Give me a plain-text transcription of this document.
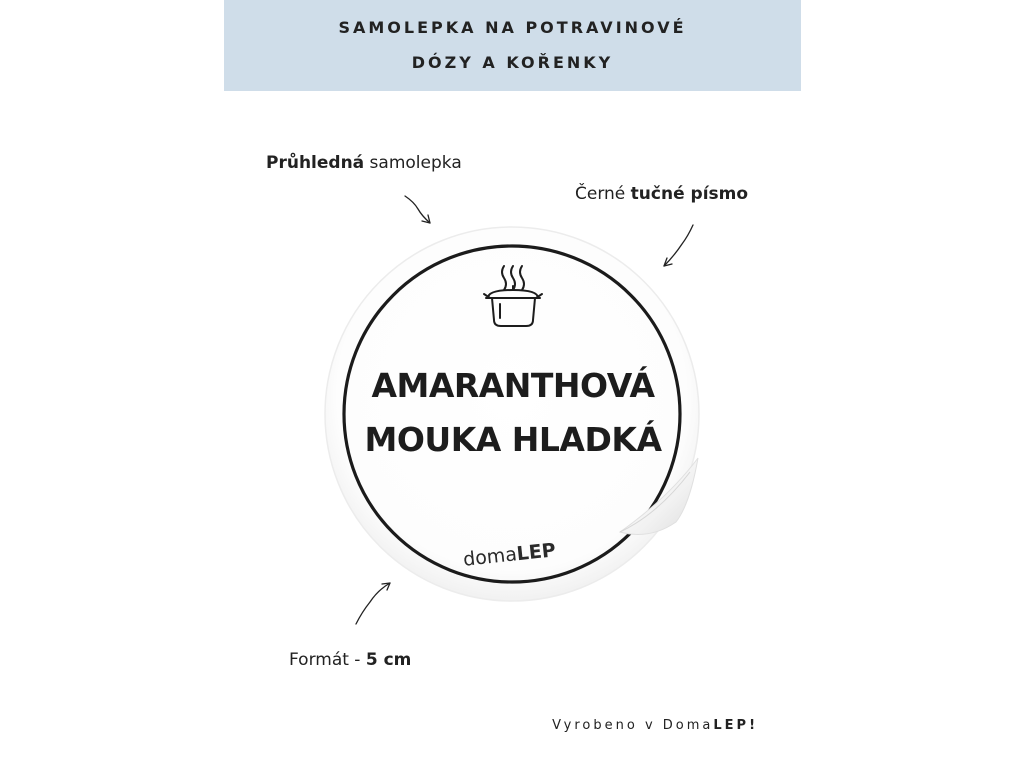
SAMOLEPKA NA POTRAVINOVÉ
DÓZY A KOŘENKY
Průhledná samolepka
Černé tučné písmo
Formát - 5 cm
AMARANTHOVÁ
MOUKA HLADKÁ
domaLEP
Vyrobeno v DomaLEP!
